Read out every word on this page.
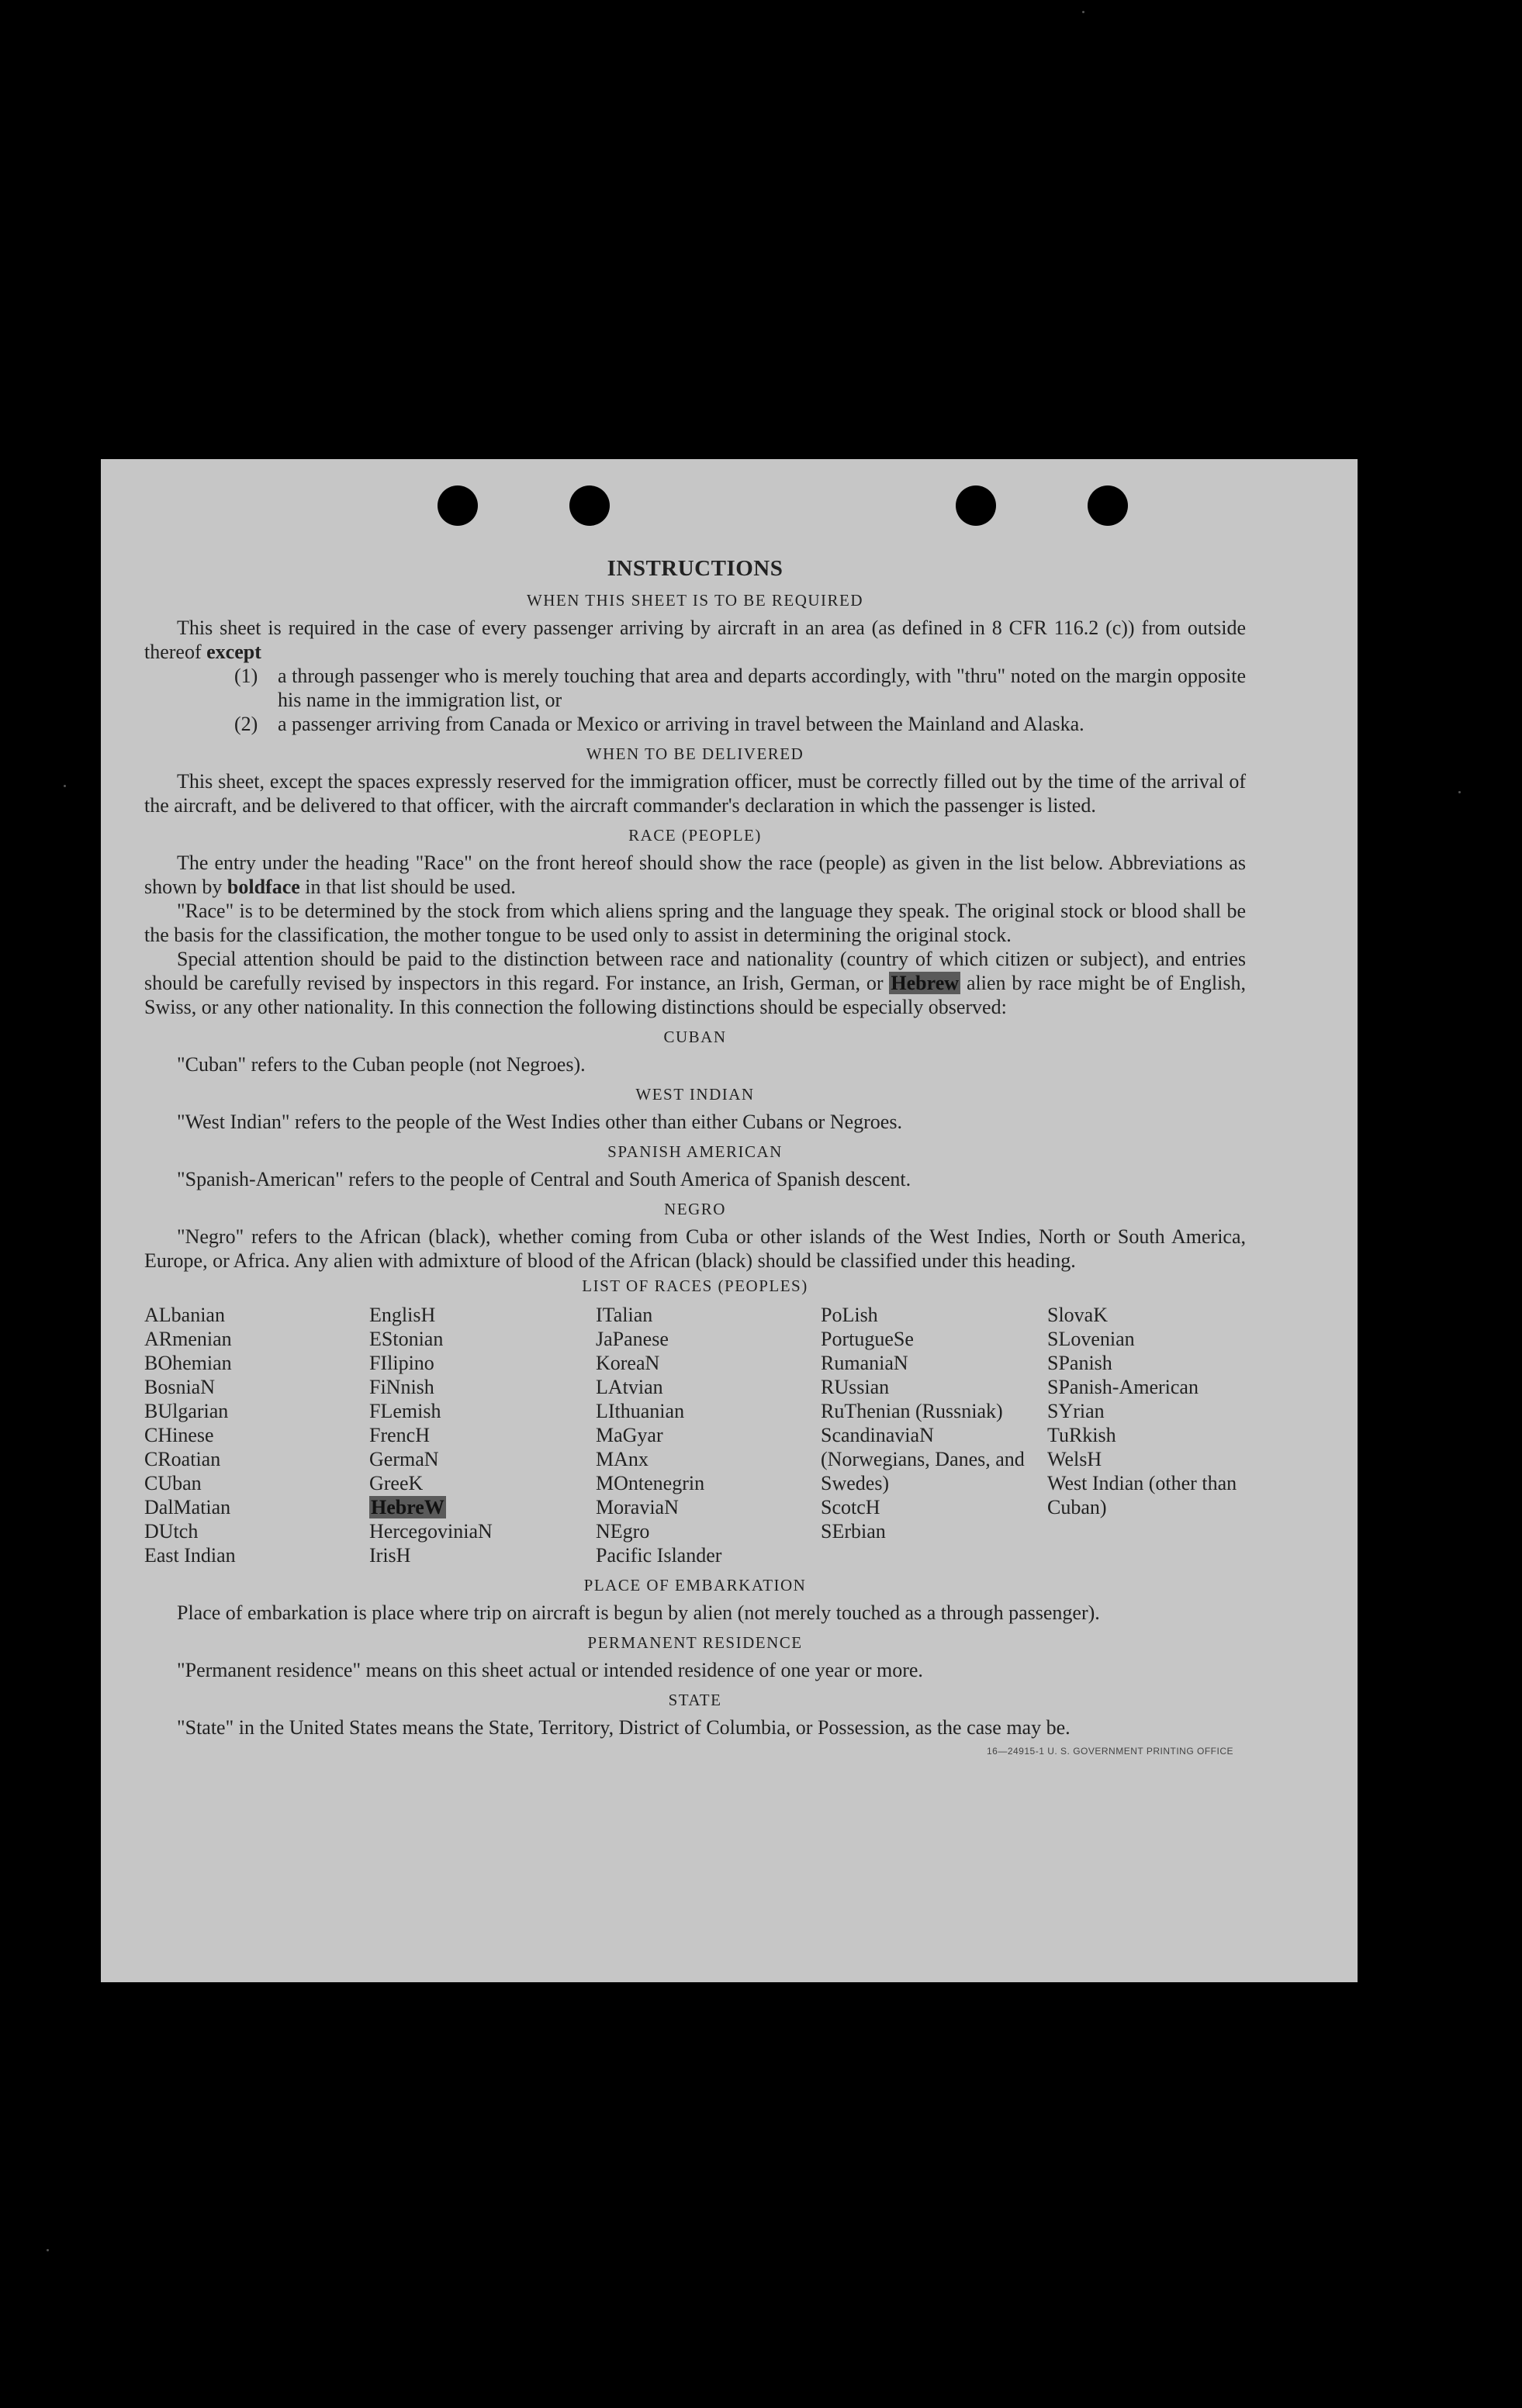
INSTRUCTIONS
WHEN THIS SHEET IS TO BE REQUIRED

This sheet is required in the case of every passenger arriving by aircraft in an area (as defined in 8 CFR 116.2 (c)) from outside thereof except

(1) a through passenger who is merely touching that area and departs accordingly, with "thru" noted on the margin opposite his name in the immigration list, or
(2) a passenger arriving from Canada or Mexico or arriving in travel between the Mainland and Alaska.
WHEN TO BE DELIVERED

This sheet, except the spaces expressly reserved for the immigration officer, must be correctly filled out by the time of the arrival of the aircraft, and be delivered to that officer, with the aircraft commander's declaration in which the passenger is listed.

RACE (PEOPLE)

The entry under the heading "Race" on the front hereof should show the race (people) as given in the list below. Abbreviations as shown by boldface in that list should be used.

"Race" is to be determined by the stock from which aliens spring and the language they speak. The original stock or blood shall be the basis for the classification, the mother tongue to be used only to assist in determining the original stock.

Special attention should be paid to the distinction between race and nationality (country of which citizen or subject), and entries should be carefully revised by inspectors in this regard. For instance, an Irish, German, or Hebrew alien by race might be of English, Swiss, or any other nationality. In this connection the following distinctions should be especially observed:

CUBAN

"Cuban" refers to the Cuban people (not Negroes).

WEST INDIAN

"West Indian" refers to the people of the West Indies other than either Cubans or Negroes.

SPANISH AMERICAN

"Spanish-American" refers to the people of Central and South America of Spanish descent.

NEGRO

"Negro" refers to the African (black), whether coming from Cuba or other islands of the West Indies, North or South America, Europe, or Africa. Any alien with admixture of blood of the African (black) should be classified under this heading.

LIST OF RACES (PEOPLES)
ALbanian
ARmenian
BOhemian
BosniaN
BUlgarian
CHinese
CRoatian
CUban
DalMatian
DUtch
East Indian
EnglisH
EStonian
FIlipino
FiNnish
FLemish
FrencH
GermaN
GreeK
HebreW
HercegoviniaN
IrisH
ITalian
JaPanese
KoreaN
LAtvian
LIthuanian
MaGyar
MAnx
MOntenegrin
MoraviaN
NEgro
Pacific Islander
PoLish
PortugueSe
RumaniaN
RUssian
RuThenian (Russniak)
ScandinaviaN (Norwegians, Danes, and Swedes)
ScotcH
SErbian
SlovaK
SLovenian
SPanish
SPanish-American
SYrian
TuRkish
WelsH
West Indian (other than Cuban)
PLACE OF EMBARKATION

Place of embarkation is place where trip on aircraft is begun by alien (not merely touched as a through passenger).

PERMANENT RESIDENCE

"Permanent residence" means on this sheet actual or intended residence of one year or more.

STATE

"State" in the United States means the State, Territory, District of Columbia, or Possession, as the case may be.

16—24915-1 U. S. GOVERNMENT PRINTING OFFICE
